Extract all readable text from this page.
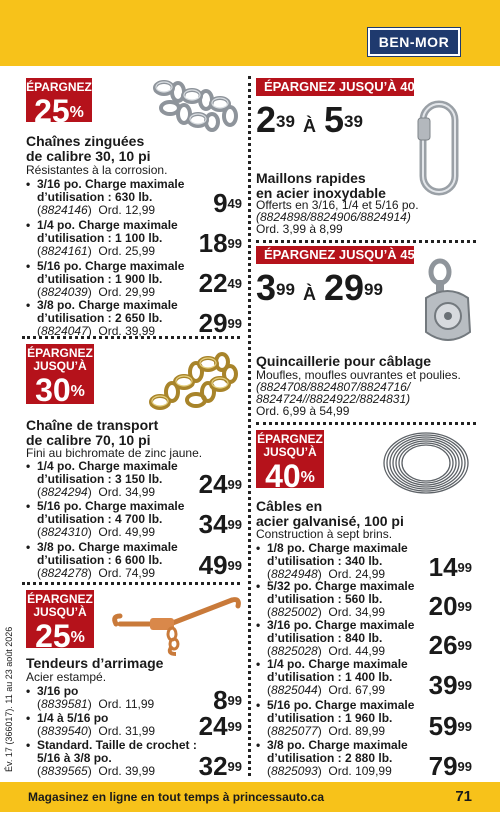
BEN-MOR
ÉPARGNEZ
25%
Chaînes zinguées
de calibre 30, 10 pi
Résistantes à la corrosion.
• 3/16 po. Charge maximale
d’utilisation : 630 lb.
(8824146)  Ord. 12,99	$9^{49}$
• 1/4 po. Charge maximale
d’utilisation : 1 100 lb.
(8824161)  Ord. 25,99	$18^{99}$
• 5/16 po. Charge maximale
d’utilisation : 1 900 lb.
(8824039)  Ord. 29,99	$22^{49}$
• 3/8 po. Charge maximale
d’utilisation : 2 650 lb.
(8824047)  Ord. 39,99	$29^{99}$
ÉPARGNEZ
JUSQU’À
30%
Chaîne de transport
de calibre 70, 10 pi
Fini au bichromate de zinc jaune.
• 1/4 po. Charge maximale
d’utilisation : 3 150 lb.
(8824294)  Ord. 34,99	$24^{99}$
• 5/16 po. Charge maximale
d’utilisation : 4 700 lb.
(8824310)  Ord. 49,99	$34^{99}$
• 3/8 po. Charge maximale
d’utilisation : 6 600 lb.
(8824278)  Ord. 74,99	$49^{99}$
ÉPARGNEZ
JUSQU’À
25%
Tendeurs d’arrimage
Acier estampé.
• 3/16 po
(8839581)  Ord. 11,99	$8^{99}$
• 1/4 à 5/16 po
(8839540)  Ord. 31,99	$24^{99}$
• Standard. Taille de crochet :
5/16 à 3/8 po.
(8839565)  Ord. 39,99	$32^{99}$
ÉPARGNEZ JUSQU’À 40 %
$2^{39}$ À $5^{39}$
Maillons rapides
en acier inoxydable
Offerts en 3/16, 1/4 et 5/16 po.
(8824898/8824906/8824914)
Ord. 3,99 à 8,99
ÉPARGNEZ JUSQU’À 45 %
$3^{99}$ À $29^{99}$
Quincaillerie pour câblage
Moufles, moufles ouvrantes et poulies.
(8824708/8824807/8824716/
8824724//8824922/8824831)
Ord. 6,99 à 54,99
ÉPARGNEZ
JUSQU’À
40%
Câbles en
acier galvanisé, 100 pi
Construction à sept brins.
• 1/8 po. Charge maximale
d’utilisation : 340 lb.
(8824948)  Ord. 24,99	$14^{99}$
• 5/32 po. Charge maximale
d’utilisation : 560 lb.
(8825002)  Ord. 34,99	$20^{99}$
• 3/16 po. Charge maximale
d’utilisation : 840 lb.
(8825028)  Ord. 44,99	$26^{99}$
• 1/4 po. Charge maximale
d’utilisation : 1 400 lb.
(8825044)  Ord. 67,99	$39^{99}$
• 5/16 po. Charge maximale
d’utilisation : 1 960 lb.
(8825077)  Ord. 89,99	$59^{99}$
• 3/8 po. Charge maximale
d’utilisation : 2 880 lb.
(8825093)  Ord. 109,99	$79^{99}$
Év. 17 (366017). 11 au 23 août 2026
Magasinez en ligne en tout temps à princessauto.ca	71
